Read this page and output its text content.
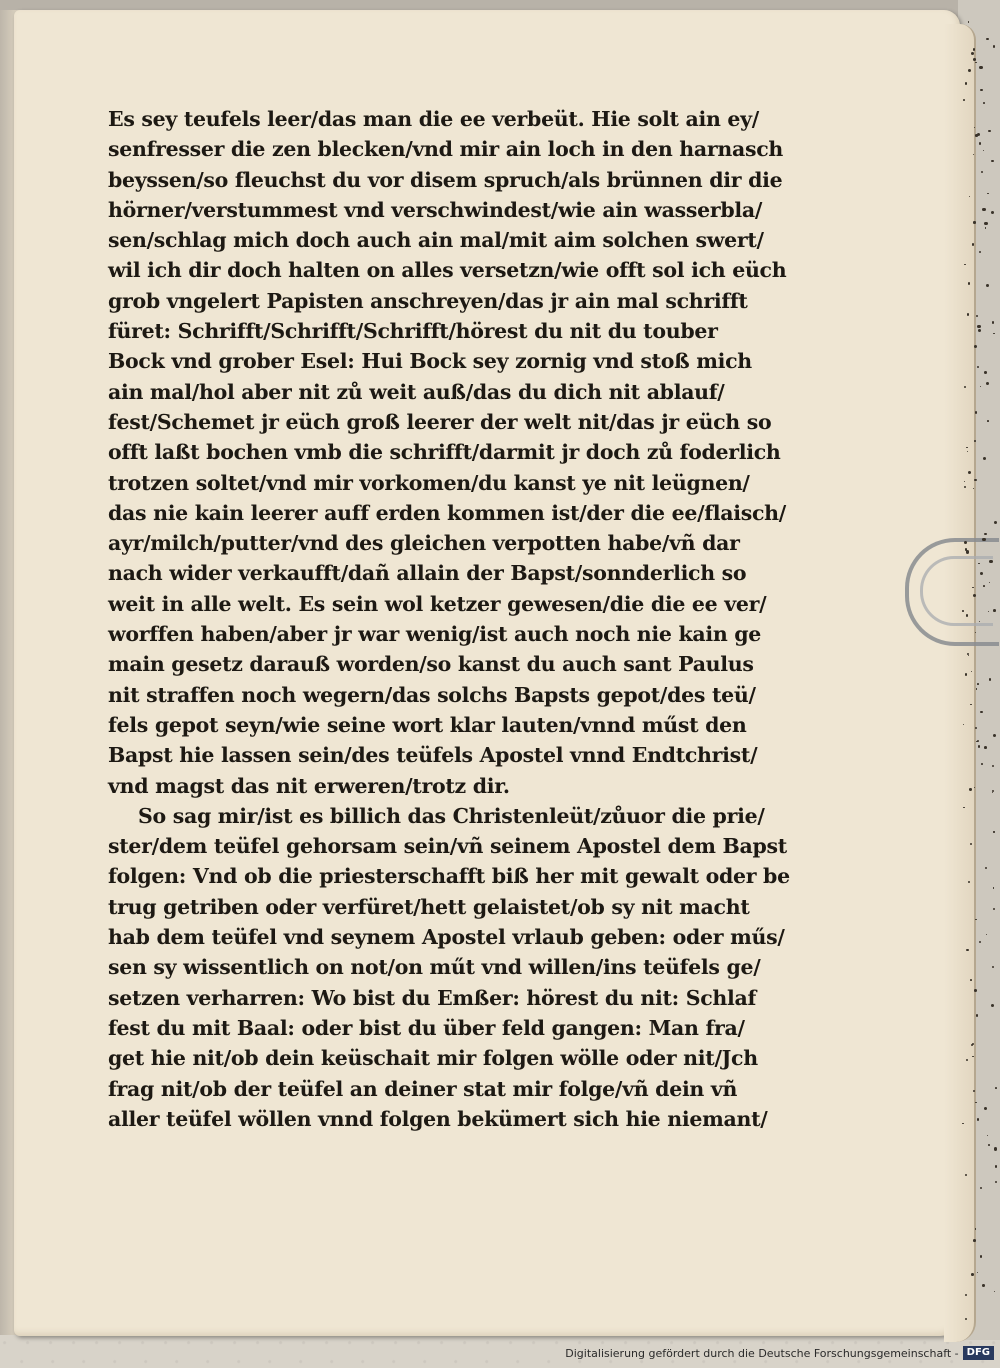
Es sey teufels leer/das man die ee verbeüt. Hie solt ain ey/
senfresser die zen blecken/vnd mir ain loch in den harnasch
beyssen/so fleuchst du vor disem spruch/als brünnen dir die
hörner/verstummest vnd verschwindest/wie ain wasserbla/
sen/schlag mich doch auch ain mal/mit aim solchen swert/
wil ich dir doch halten on alles versetzn/wie offt sol ich eüch
grob vngelert Papisten anschreyen/das jr ain mal schrifft
füret: Schrifft/Schrifft/Schrifft/hörest du nit du touber
Bock vnd grober Esel: Hui Bock sey zornig vnd stoß mich
ain mal/hol aber nit zů weit auß/das du dich nit ablauf/
fest/Schemet jr eüch groß leerer der welt nit/das jr eüch so
offt laßt bochen vmb die schrifft/darmit jr doch zů foderlich
trotzen soltet/vnd mir vorkomen/du kanst ye nit leügnen/
das nie kain leerer auff erden kommen ist/der die ee/flaisch/
ayr/milch/putter/vnd des gleichen verpotten habe/vñ dar
nach wider verkaufft/dañ allain der Bapst/sonnderlich so
weit in alle welt. Es sein wol ketzer gewesen/die die ee ver/
worffen haben/aber jr war wenig/ist auch noch nie kain ge
main gesetz darauß worden/so kanst du auch sant Paulus
nit straffen noch wegern/das solchs Bapsts gepot/des teü/
fels gepot seyn/wie seine wort klar lauten/vnnd műst den
Bapst hie lassen sein/des teüfels Apostel vnnd Endtchrist/
vnd magst das nit erweren/trotz dir.
So sag mir/ist es billich das Christenleüt/zůuor die prie/
ster/dem teüfel gehorsam sein/vñ seinem Apostel dem Bapst
folgen: Vnd ob die priesterschafft biß her mit gewalt oder be
trug getriben oder verfüret/hett gelaistet/ob sy nit macht
hab dem teüfel vnd seynem Apostel vrlaub geben: oder műs/
sen sy wissentlich on not/on műt vnd willen/ins teüfels ge/
setzen verharren: Wo bist du Emßer: hörest du nit: Schlaf
fest du mit Baal: oder bist du über feld gangen: Man fra/
get hie nit/ob dein keüschait mir folgen wölle oder nit/Jch
frag nit/ob der teüfel an deiner stat mir folge/vñ dein vñ
aller teüfel wöllen vnnd folgen bekümert sich hie niemant/
Digitalisierung gefördert durch die Deutsche Forschungsgemeinschaft - DFG
